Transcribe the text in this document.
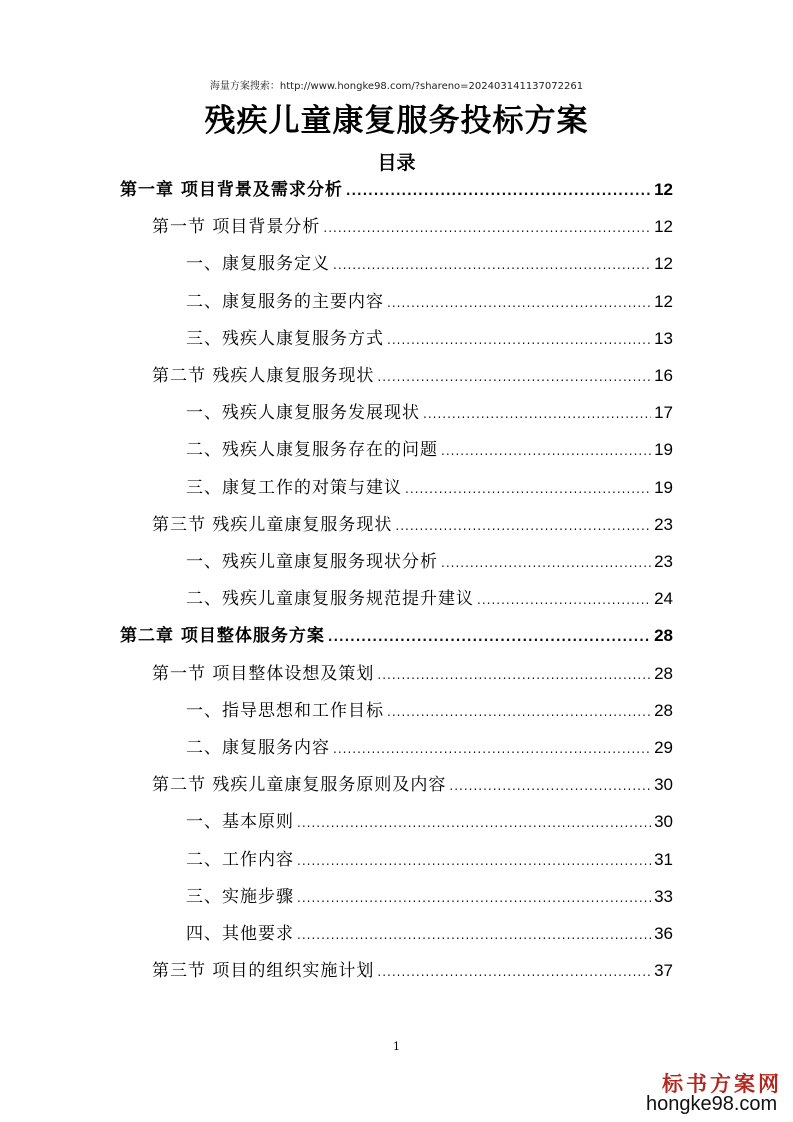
海量方案搜索：http://www.hongke98.com/?shareno=202403141137072261
残疾儿童康复服务投标方案
目录
第一章 项目背景及需求分析 .....	12
第一节 项目背景分析 .....	12
一、康复服务定义 .....	12
二、康复服务的主要内容 .....	12
三、残疾人康复服务方式 .....	13
第二节 残疾人康复服务现状 .....	16
一、残疾人康复服务发展现状 .....	17
二、残疾人康复服务存在的问题 .....	19
三、康复工作的对策与建议 .....	19
第三节 残疾儿童康复服务现状 .....	23
一、残疾儿童康复服务现状分析 .....	23
二、残疾儿童康复服务规范提升建议 .....	24
第二章 项目整体服务方案 .....	28
第一节 项目整体设想及策划 .....	28
一、指导思想和工作目标 .....	28
二、康复服务内容 .....	29
第二节 残疾儿童康复服务原则及内容 .....	30
一、基本原则 .....	30
二、工作内容 .....	31
三、实施步骤 .....	33
四、其他要求 .....	36
第三节 项目的组织实施计划 .....	37
1
标书方案网
hongke98.com
